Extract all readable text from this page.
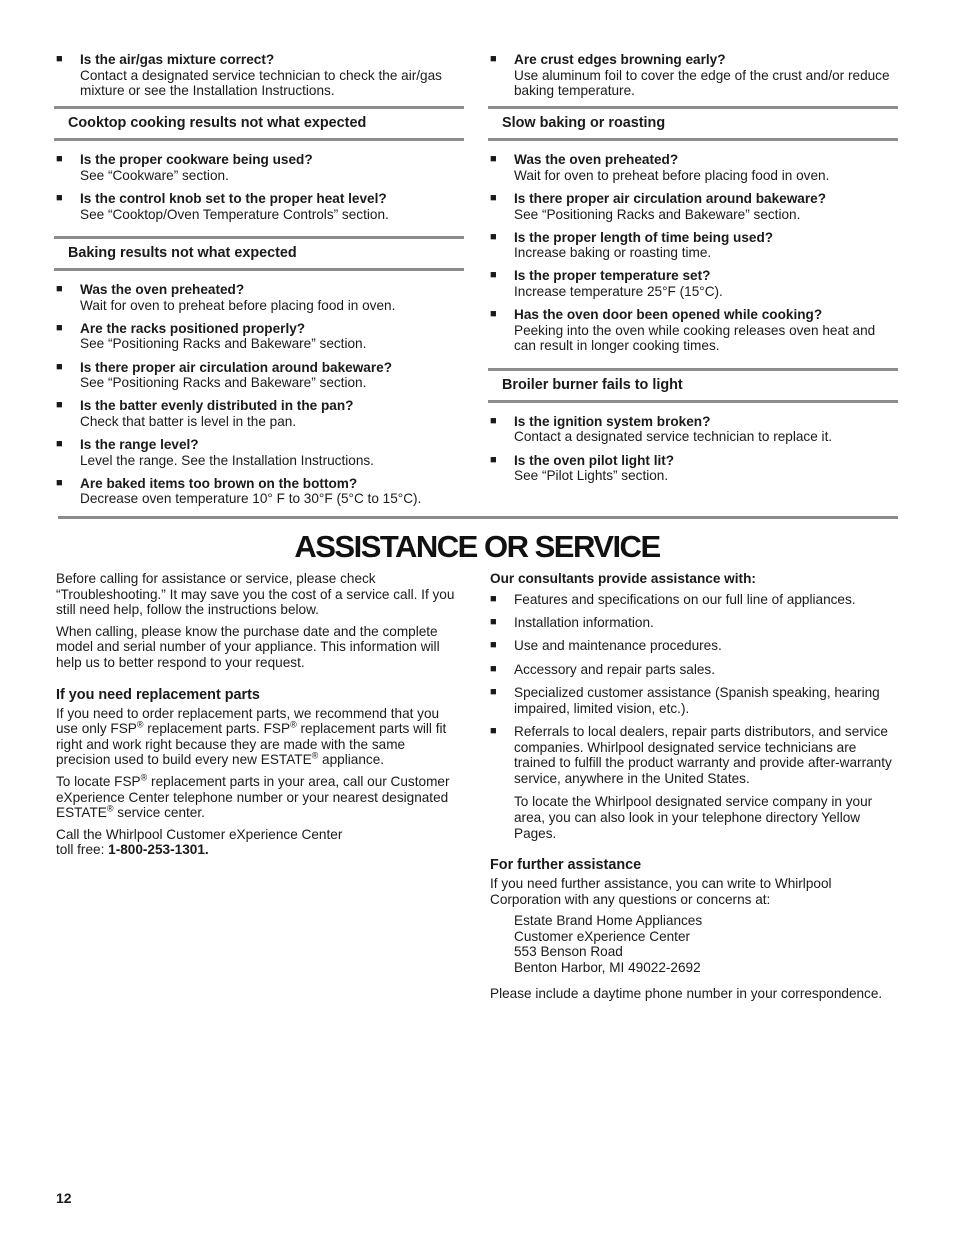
■
Is the air/gas mixture correct?
Contact a designated service technician to check the air/gas mixture or see the Installation Instructions.
Cooktop cooking results not what expected
■
Is the proper cookware being used?
See “Cookware” section.
■
Is the control knob set to the proper heat level?
See “Cooktop/Oven Temperature Controls” section.
Baking results not what expected
■
Was the oven preheated?
Wait for oven to preheat before placing food in oven.
■
Are the racks positioned properly?
See “Positioning Racks and Bakeware” section.
■
Is there proper air circulation around bakeware?
See “Positioning Racks and Bakeware” section.
■
Is the batter evenly distributed in the pan?
Check that batter is level in the pan.
■
Is the range level?
Level the range. See the Installation Instructions.
■
Are baked items too brown on the bottom?
Decrease oven temperature 10° F to 30°F (5°C to 15°C).
■
Are crust edges browning early?
Use aluminum foil to cover the edge of the crust and/or reduce baking temperature.
Slow baking or roasting
■
Was the oven preheated?
Wait for oven to preheat before placing food in oven.
■
Is there proper air circulation around bakeware?
See “Positioning Racks and Bakeware” section.
■
Is the proper length of time being used?
Increase baking or roasting time.
■
Is the proper temperature set?
Increase temperature 25°F (15°C).
■
Has the oven door been opened while cooking?
Peeking into the oven while cooking releases oven heat and can result in longer cooking times.
Broiler burner fails to light
■
Is the ignition system broken?
Contact a designated service technician to replace it.
■
Is the oven pilot light lit?
See “Pilot Lights” section.
ASSISTANCE OR SERVICE

Before calling for assistance or service, please check “Troubleshooting.” It may save you the cost of a service call. If you still need help, follow the instructions below.

When calling, please know the purchase date and the complete model and serial number of your appliance. This information will help us to better respond to your request.

If you need replacement parts

If you need to order replacement parts, we recommend that you use only FSP® replacement parts. FSP® replacement parts will fit right and work right because they are made with the same precision used to build every new ESTATE® appliance.

To locate FSP® replacement parts in your area, call our Customer eXperience Center telephone number or your nearest designated ESTATE® service center.

Call the Whirlpool Customer eXperience Center
toll free: 1-800-253-1301.

Our consultants provide assistance with:

■
Features and specifications on our full line of appliances.
■
Installation information.
■
Use and maintenance procedures.
■
Accessory and repair parts sales.
■
Specialized customer assistance (Spanish speaking, hearing impaired, limited vision, etc.).
■
Referrals to local dealers, repair parts distributors, and service companies. Whirlpool designated service technicians are trained to fulfill the product warranty and provide after-warranty service, anywhere in the United States.
To locate the Whirlpool designated service company in your area, you can also look in your telephone directory Yellow Pages.
For further assistance

If you need further assistance, you can write to Whirlpool Corporation with any questions or concerns at:

Estate Brand Home Appliances
Customer eXperience Center
553 Benson Road
Benton Harbor, MI 49022-2692

Please include a daytime phone number in your correspondence.

12
